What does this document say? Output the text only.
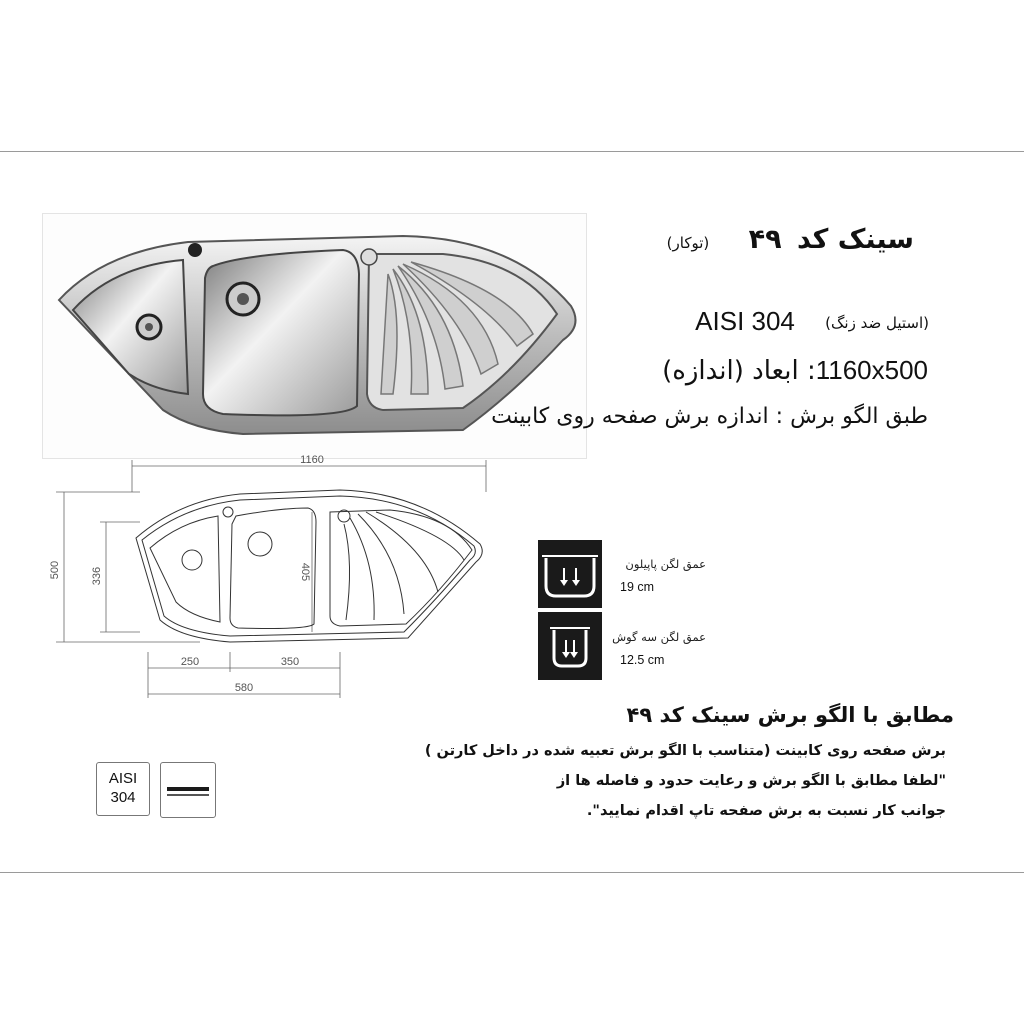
سینک کد ۴۹ (توکار)
(استیل ضد زنگ) AISI 304
1160x500: ابعاد (اندازه)
طبق الگو برش : اندازه برش صفحه روی کابینت
1160
500	336	405
250	350
580
عمق لگن پاپیلون
19 cm
عمق لگن سه گوش
12.5 cm
مطابق با الگو برش سینک کد ۴۹
برش صفحه روی کابینت (متناسب با الگو برش تعبیه شده در داخل کارتن )
"لطفا مطابق با الگو برش و رعایت حدود و فاصله ها از
جوانب کار نسبت به برش صفحه تاپ اقدام نمایید".
AISI
304
